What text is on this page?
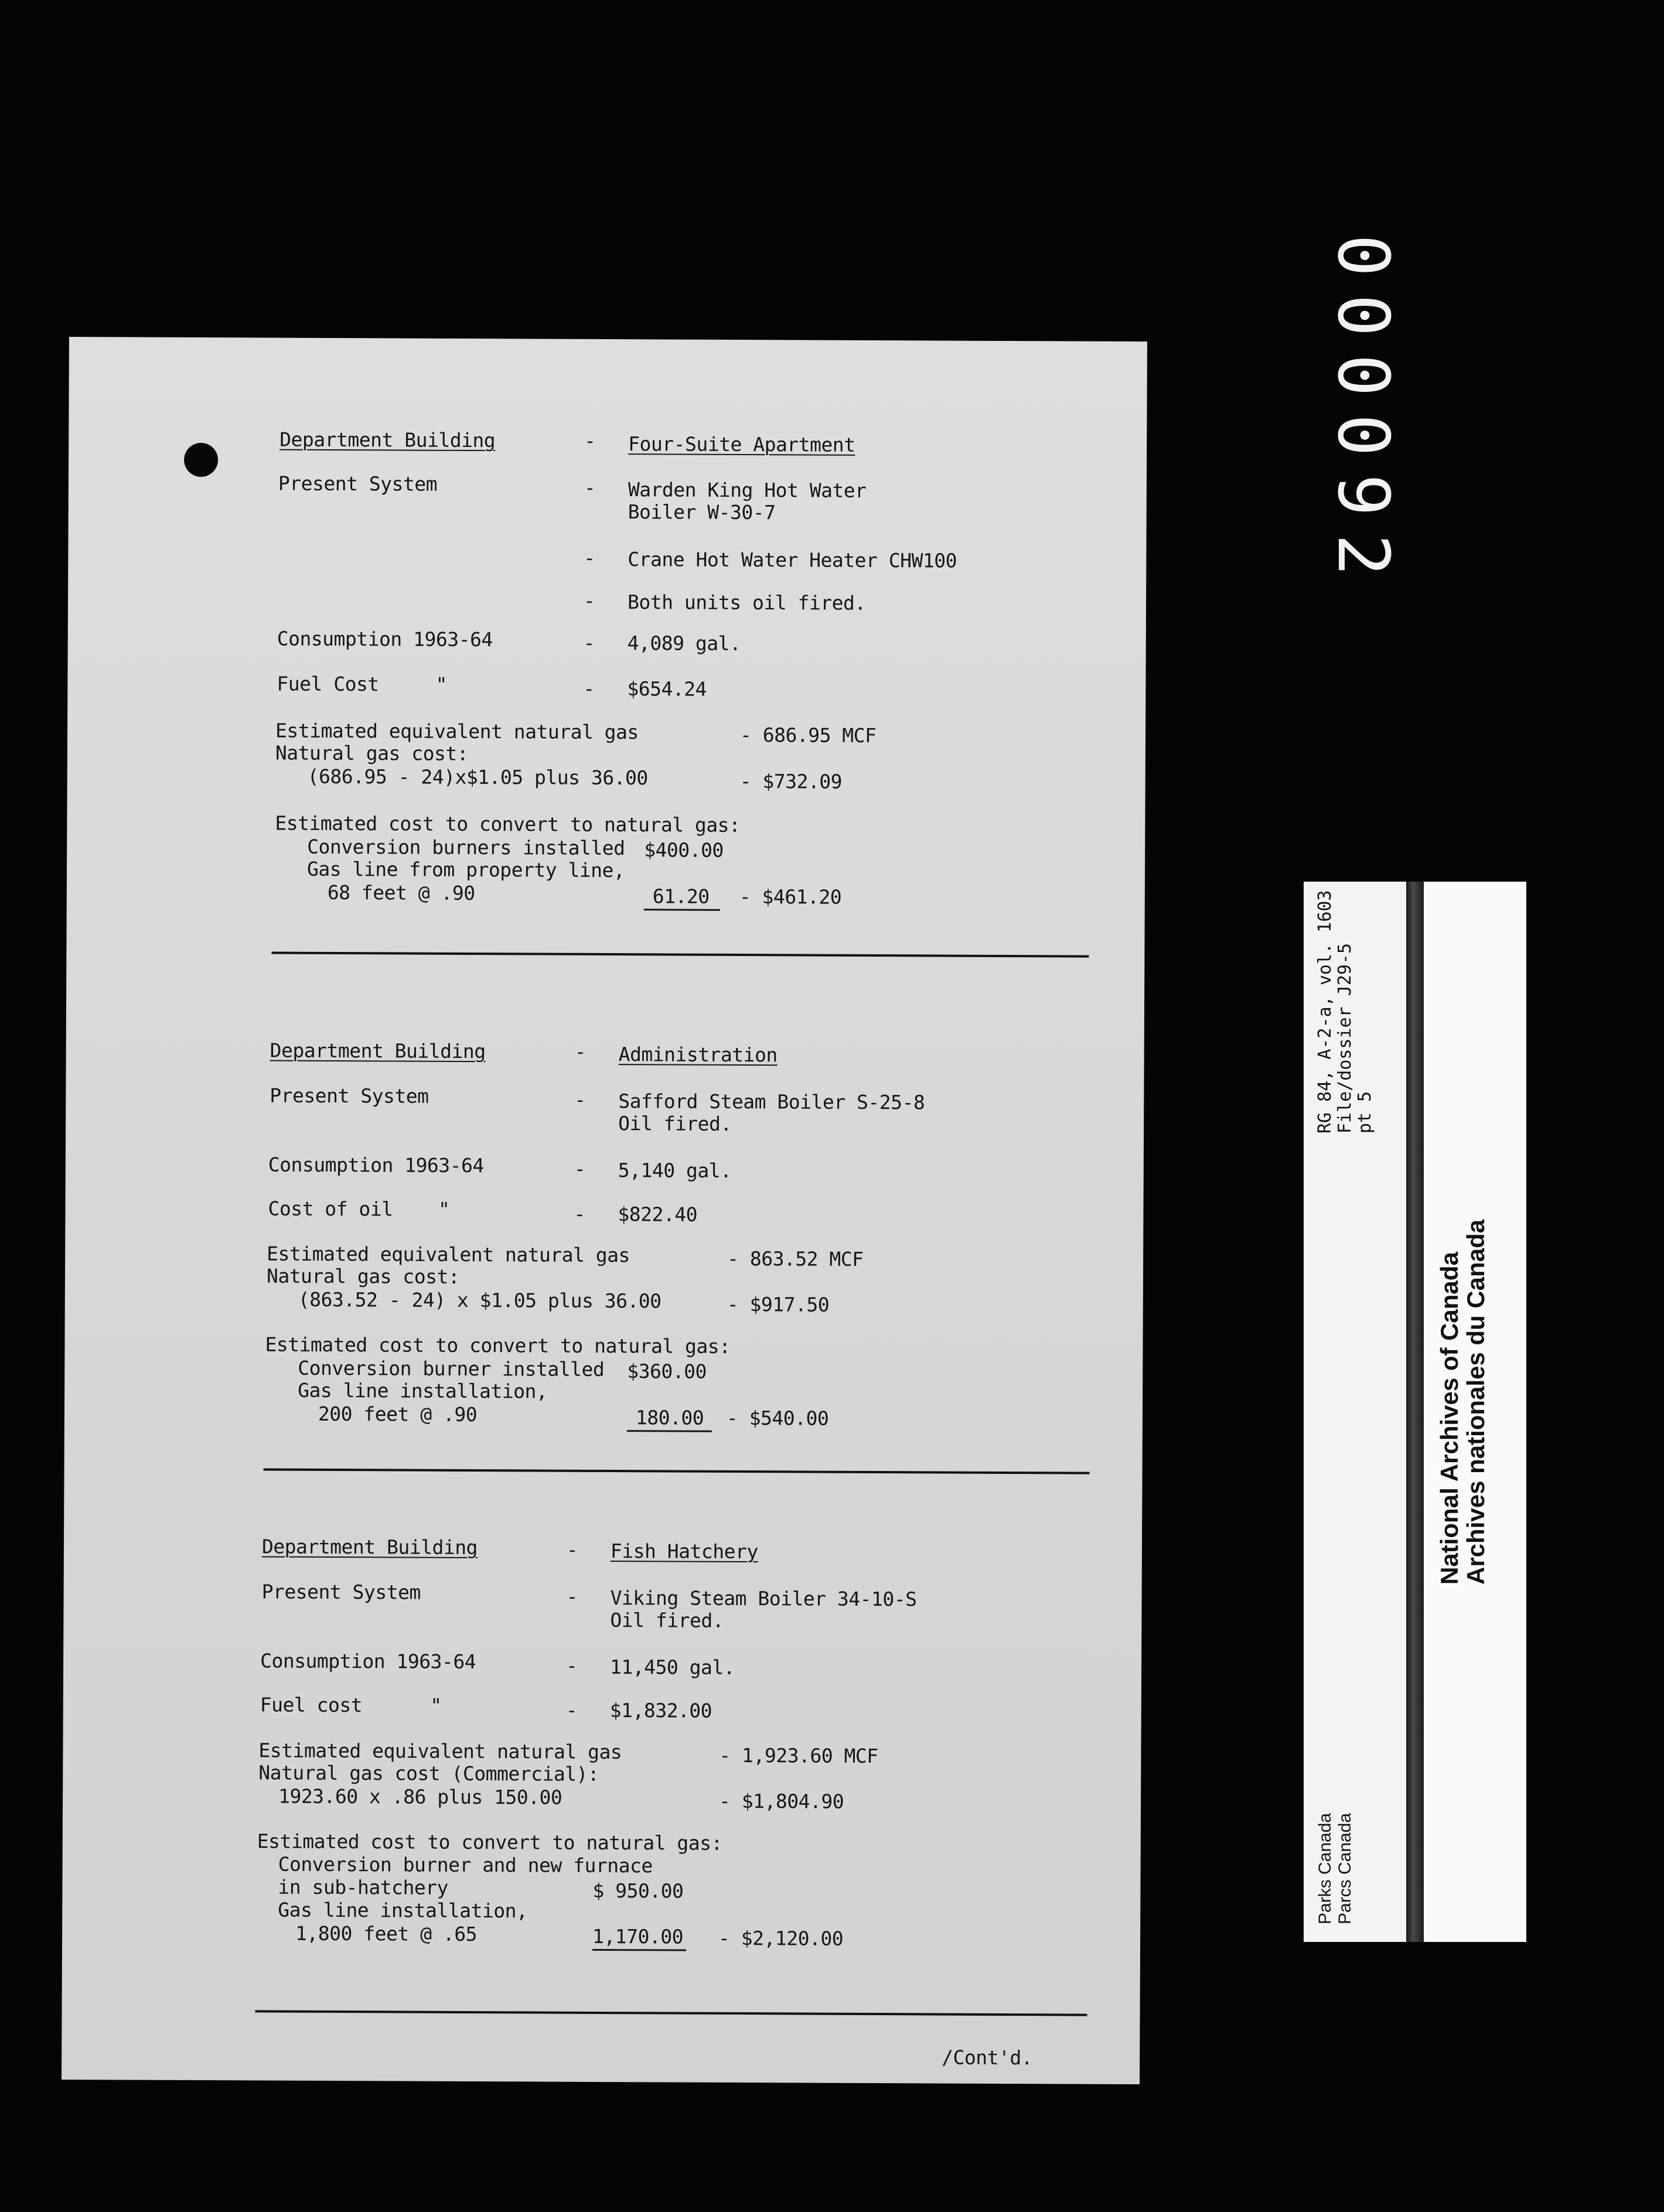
000092
RG 84, A-2-a, vol. 1603 File/dossier J29-5 pt 5
Parks Canada Parcs Canada
National Archives of Canada
Archives nationales du Canada
Department Building	- Four-Suite Apartment
Present System	- Warden King Hot Water
Boiler W-30-7
- Crane Hot Water Heater CHW100
- Both units oil fired.
Consumption 1963-64	- 4,089 gal.
Fuel Cost     "	- $654.24
Estimated equivalent natural gas	- 686.95 MCF
Natural gas cost:
(686.95 - 24)x$1.05 plus 36.00	- $732.09
Estimated cost to convert to natural gas:
Conversion burners installed $400.00
Gas line from property line,
68 feet @ .90	61.20 - $461.20
Department Building	- Administration
Present System	- Safford Steam Boiler S-25-8
Oil fired.
Consumption 1963-64	- 5,140 gal.
Cost of oil    "	- $822.40
Estimated equivalent natural gas	- 863.52 MCF
Natural gas cost:
(863.52 - 24) x $1.05 plus 36.00	- $917.50
Estimated cost to convert to natural gas:
Conversion burner installed $360.00
Gas line installation,
200 feet @ .90	180.00 - $540.00
Department Building	- Fish Hatchery
Present System	- Viking Steam Boiler 34-10-S
Oil fired.
Consumption 1963-64	- 11,450 gal.
Fuel cost      "	- $1,832.00
Estimated equivalent natural gas	- 1,923.60 MCF
Natural gas cost (Commercial):
1923.60 x .86 plus 150.00	- $1,804.90
Estimated cost to convert to natural gas:
Conversion burner and new furnace
in sub-hatchery	$ 950.00
Gas line installation,
1,800 feet @ .65	1,170.00 - $2,120.00
/Cont'd.
